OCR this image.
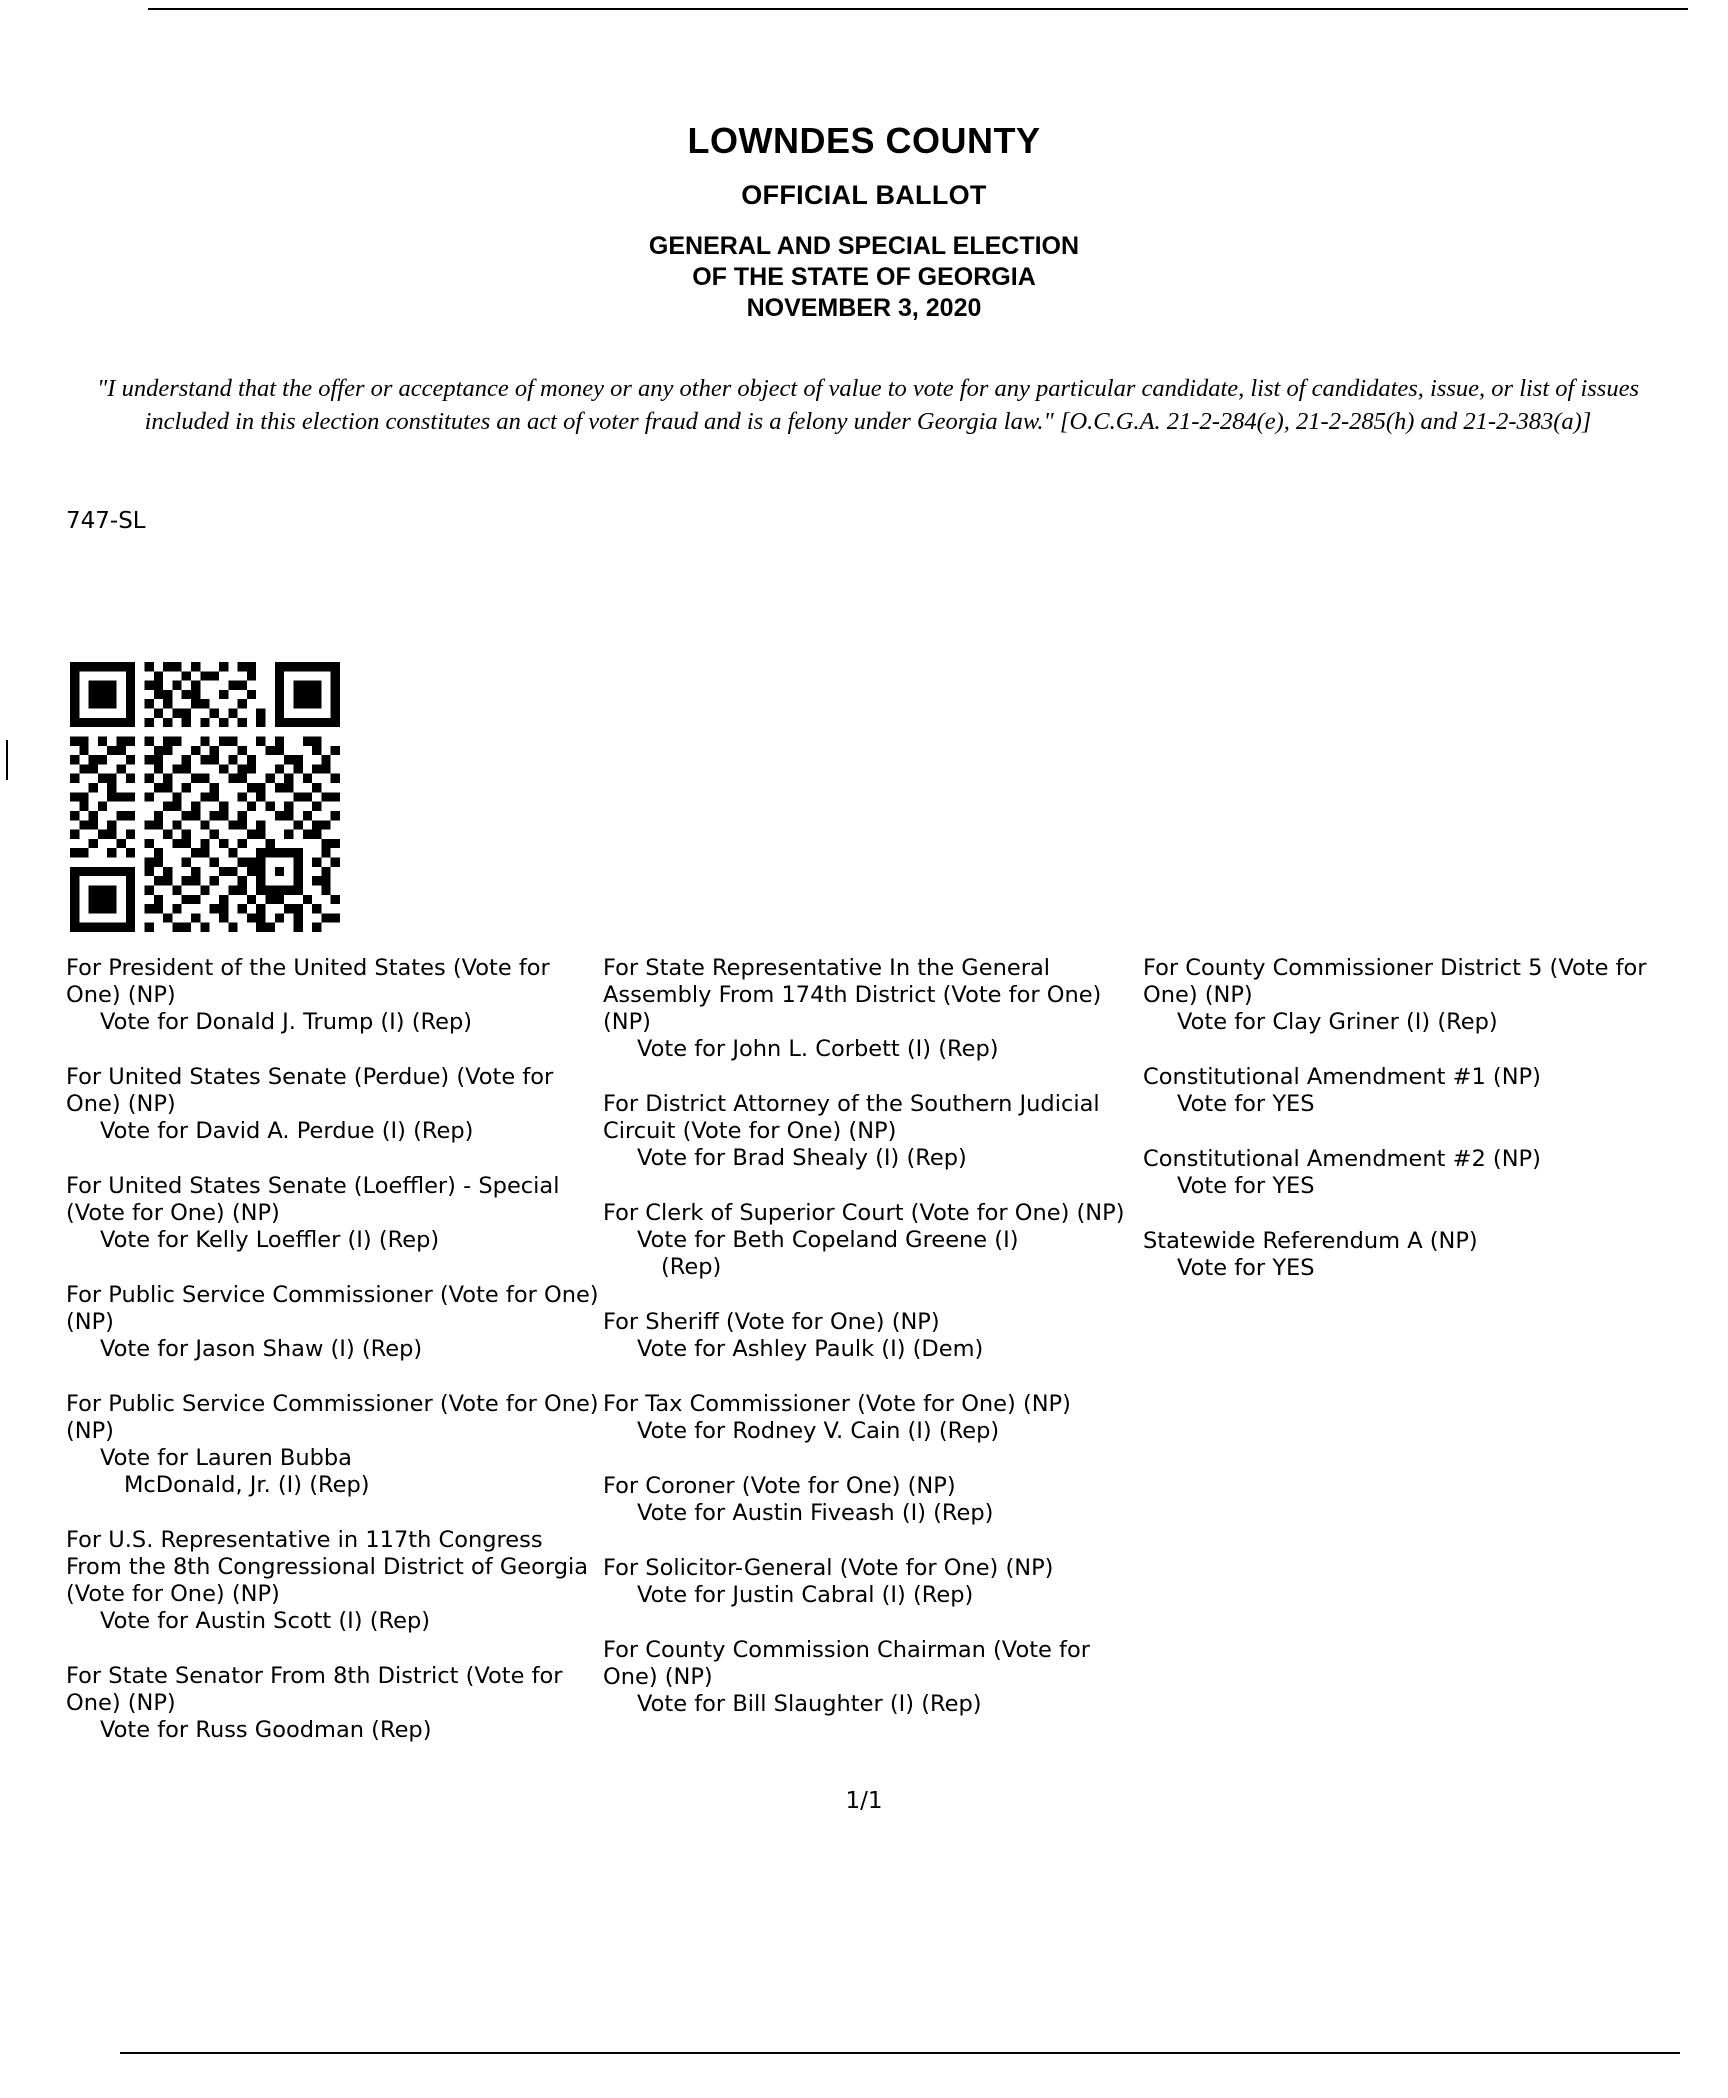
LOWNDES COUNTY
OFFICIAL BALLOT
GENERAL AND SPECIAL ELECTION
OF THE STATE OF GEORGIA
NOVEMBER 3, 2020
"I understand that the offer or acceptance of money or any other object of value to vote for any particular candidate, list of candidates, issue, or list of issues included in this election constitutes an act of voter fraud and is a felony under Georgia law." [O.C.G.A. 21-2-284(e), 21-2-285(h) and 21-2-383(a)]
747-SL
For President of the United States (Vote for One) (NP)
Vote for Donald J. Trump (I) (Rep)
For United States Senate (Perdue) (Vote for One) (NP)
Vote for David A. Perdue (I) (Rep)
For United States Senate (Loeffler) - Special (Vote for One) (NP)
Vote for Kelly Loeffler (I) (Rep)
For Public Service Commissioner (Vote for One) (NP)
Vote for Jason Shaw (I) (Rep)
For Public Service Commissioner (Vote for One) (NP)
Vote for Lauren Bubba
McDonald, Jr. (I) (Rep)
For U.S. Representative in 117th Congress From the 8th Congressional District of Georgia (Vote for One) (NP)
Vote for Austin Scott (I) (Rep)
For State Senator From 8th District (Vote for One) (NP)
Vote for Russ Goodman (Rep)
For State Representative In the General Assembly From 174th District (Vote for One) (NP)
Vote for John L. Corbett (I) (Rep)
For District Attorney of the Southern Judicial Circuit (Vote for One) (NP)
Vote for Brad Shealy (I) (Rep)
For Clerk of Superior Court (Vote for One) (NP)
Vote for Beth Copeland Greene (I)
(Rep)
For Sheriff (Vote for One) (NP)
Vote for Ashley Paulk (I) (Dem)
For Tax Commissioner (Vote for One) (NP)
Vote for Rodney V. Cain (I) (Rep)
For Coroner (Vote for One) (NP)
Vote for Austin Fiveash (I) (Rep)
For Solicitor-General (Vote for One) (NP)
Vote for Justin Cabral (I) (Rep)
For County Commission Chairman (Vote for One) (NP)
Vote for Bill Slaughter (I) (Rep)
For County Commissioner District 5 (Vote for One) (NP)
Vote for Clay Griner (I) (Rep)
Constitutional Amendment #1 (NP)
Vote for YES
Constitutional Amendment #2 (NP)
Vote for YES
Statewide Referendum A (NP)
Vote for YES
1/1
